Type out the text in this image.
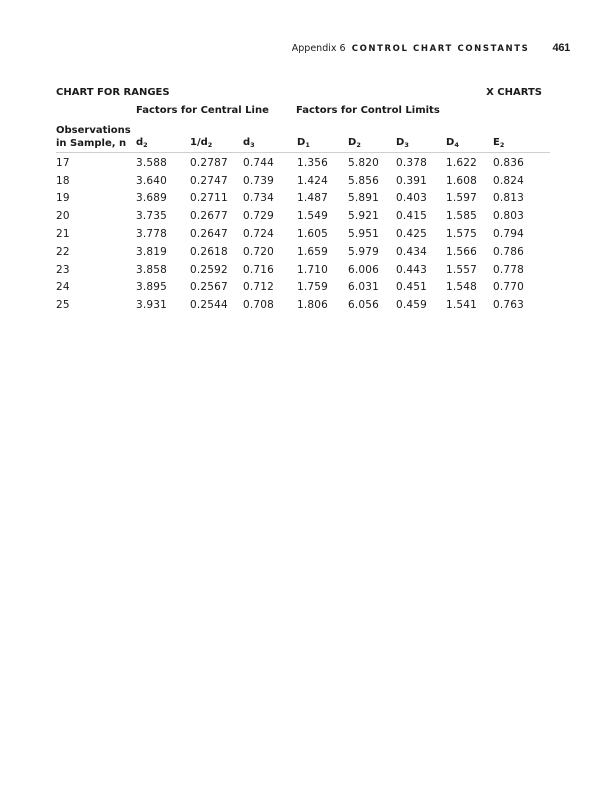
Appendix 6 CONTROL CHART CONSTANTS 461
CHART FOR RANGES	X CHARTS
Factors for Central Line	Factors for Control Limits
Observations
in Sample, n $d_2$	$1/d_2$	$d_3$	$D_1$	$D_2$	$D_3$	$D_4$	$E_2$
17	3.588	0.2787	0.744	1.356	5.820	0.378	1.622	0.836
18	3.640	0.2747	0.739	1.424	5.856	0.391	1.608	0.824
19	3.689	0.2711	0.734	1.487	5.891	0.403	1.597	0.813
20	3.735	0.2677	0.729	1.549	5.921	0.415	1.585	0.803
21	3.778	0.2647	0.724	1.605	5.951	0.425	1.575	0.794
22	3.819	0.2618	0.720	1.659	5.979	0.434	1.566	0.786
23	3.858	0.2592	0.716	1.710	6.006	0.443	1.557	0.778
24	3.895	0.2567	0.712	1.759	6.031	0.451	1.548	0.770
25	3.931	0.2544	0.708	1.806	6.056	0.459	1.541	0.763
